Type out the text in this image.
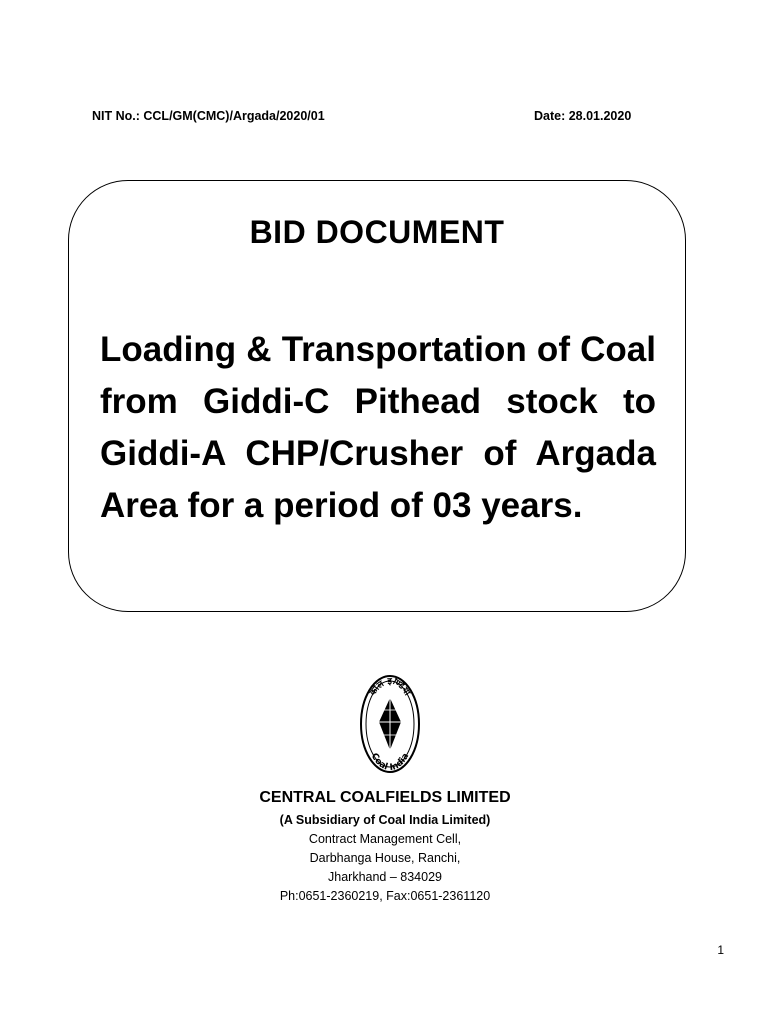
NIT No.: CCL/GM(CMC)/Argada/2020/01	Date: 28.01.2020
BID DOCUMENT
Loading & Transportation of Coal from Giddi-C Pithead stock to Giddi-A CHP/Crusher of Argada Area for a period of 03 years.
कोल इण्डिया
Coal India
CENTRAL COALFIELDS LIMITED
(A Subsidiary of Coal India Limited)
Contract Management Cell,
Darbhanga House, Ranchi,
Jharkhand – 834029
Ph:0651-2360219, Fax:0651-2361120
1
